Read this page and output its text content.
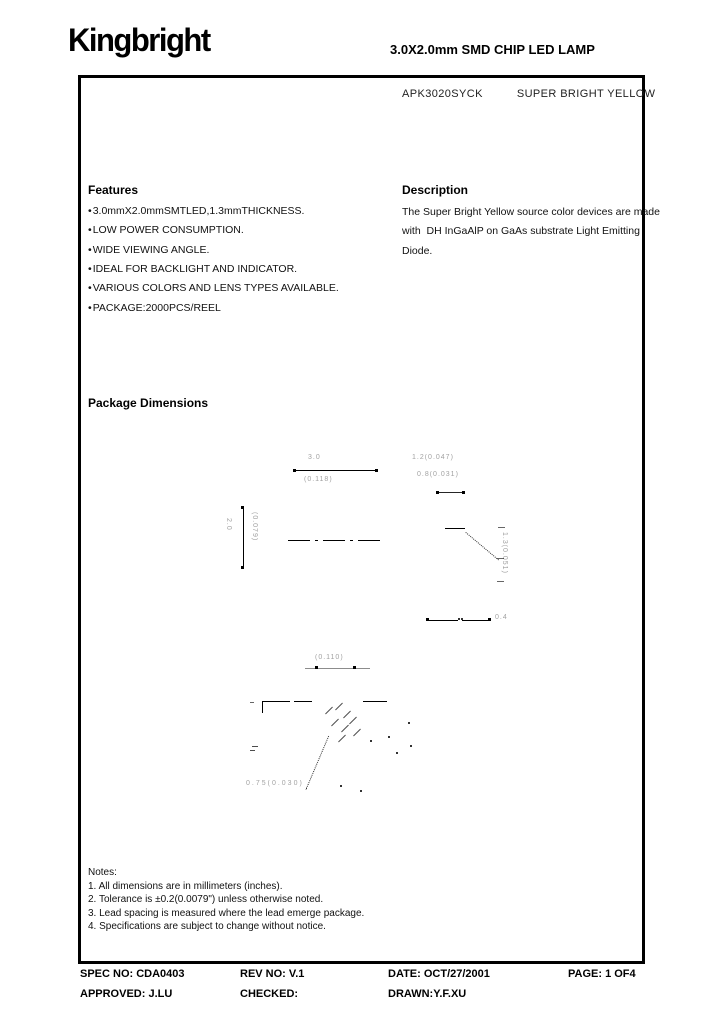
Kingbright	3.0X2.0mm SMD CHIP LED LAMP
APK3020SYCK	SUPER BRIGHT YELLOW
Features
• 3.0mmX2.0mmSMTLED,1.3mmTHICKNESS.
• LOW POWER CONSUMPTION.
• WIDE VIEWING ANGLE.
• IDEAL FOR BACKLIGHT AND INDICATOR.
• VARIOUS COLORS AND LENS TYPES AVAILABLE.
• PACKAGE:2000PCS/REEL
Description
The Super Bright Yellow source color devices are made
with  DH InGaAlP on GaAs substrate Light Emitting
Diode.
Package Dimensions
3.0
(0.118)
1.2(0.047)
0.8(0.031)
2.0	(0.079)
1.3(0.051)
0.4
(0.110)
0.75(0.030)
Notes:
1. All dimensions are in millimeters (inches).
2. Tolerance is ±0.2(0.0079") unless otherwise noted.
3. Lead spacing is measured where the lead emerge package.
4. Specifications are subject to change without notice.
SPEC NO: CDA0403	REV NO: V.1	DATE: OCT/27/2001	PAGE: 1 OF4
APPROVED: J.LU	CHECKED:	DRAWN:Y.F.XU
